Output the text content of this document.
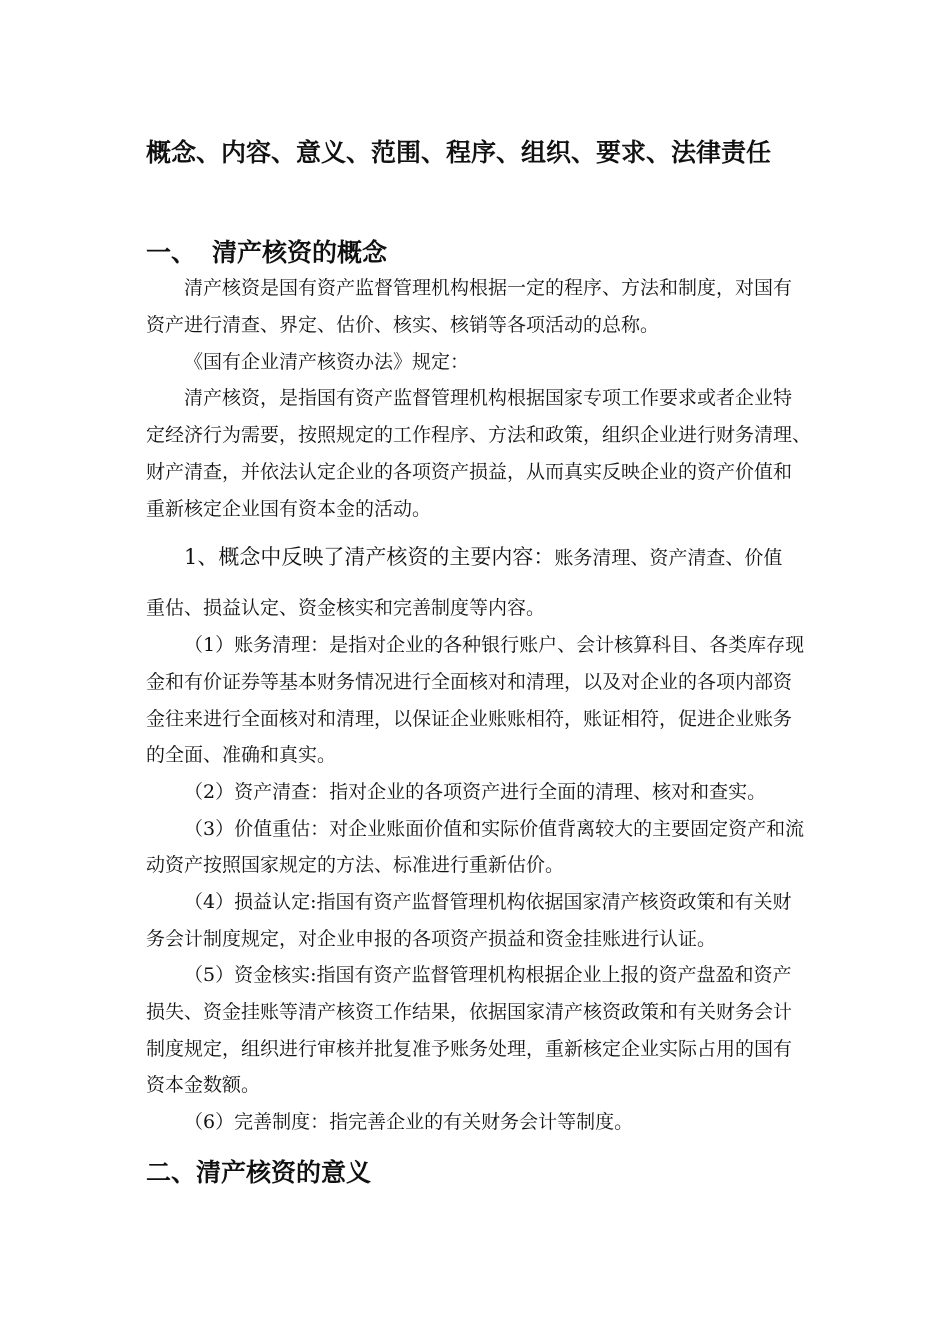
概念、内容、意义、范围、程序、组织、要求、法律责任
一、 清产核资的概念
清产核资是国有资产监督管理机构根据一定的程序、方法和制度，对国有
资产进行清查、界定、估价、核实、核销等各项活动的总称。
《国有企业清产核资办法》规定：
清产核资，是指国有资产监督管理机构根据国家专项工作要求或者企业特
定经济行为需要，按照规定的工作程序、方法和政策，组织企业进行财务清理、
财产清查，并依法认定企业的各项资产损益，从而真实反映企业的资产价值和
重新核定企业国有资本金的活动。
1、概念中反映了清产核资的主要内容：账务清理、资产清查、价值
重估、损益认定、资金核实和完善制度等内容。
（1）账务清理：是指对企业的各种银行账户、会计核算科目、各类库存现
金和有价证券等基本财务情况进行全面核对和清理，以及对企业的各项内部资
金往来进行全面核对和清理，以保证企业账账相符，账证相符，促进企业账务
的全面、准确和真实。
（2）资产清查：指对企业的各项资产进行全面的清理、核对和查实。
（3）价值重估：对企业账面价值和实际价值背离较大的主要固定资产和流
动资产按照国家规定的方法、标准进行重新估价。
（4）损益认定:指国有资产监督管理机构依据国家清产核资政策和有关财
务会计制度规定，对企业申报的各项资产损益和资金挂账进行认证。
（5）资金核实:指国有资产监督管理机构根据企业上报的资产盘盈和资产
损失、资金挂账等清产核资工作结果，依据国家清产核资政策和有关财务会计
制度规定，组织进行审核并批复准予账务处理，重新核定企业实际占用的国有
资本金数额。
（6）完善制度：指完善企业的有关财务会计等制度。
二、清产核资的意义
